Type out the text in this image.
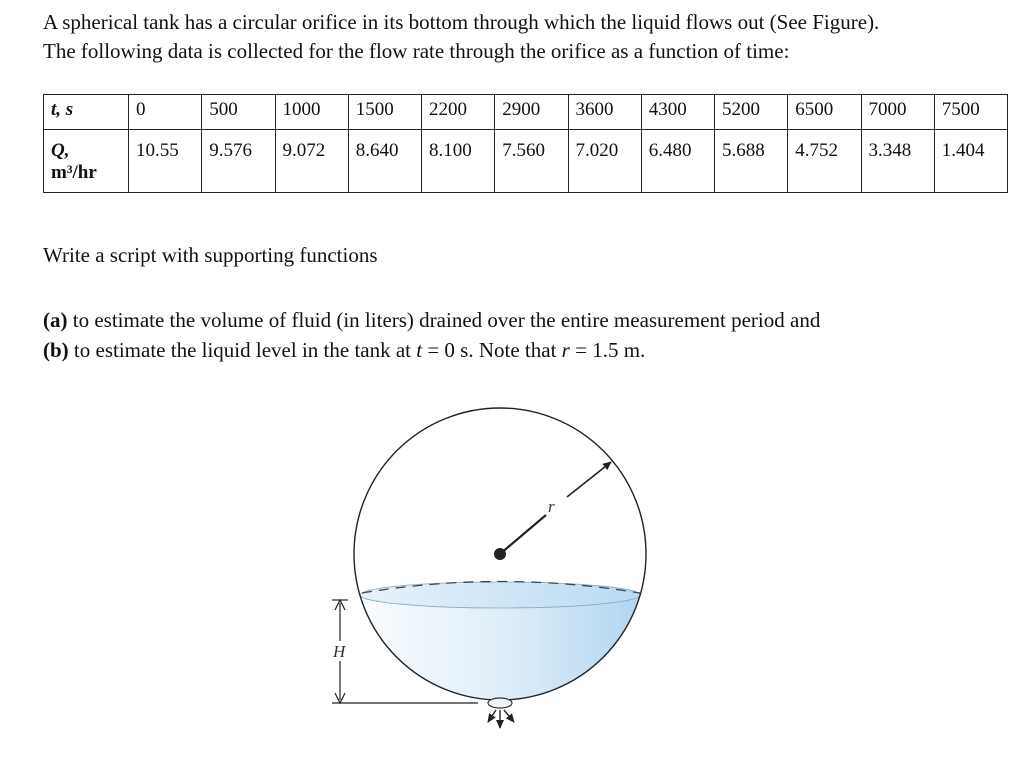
A spherical tank has a circular orifice in its bottom through which the liquid flows out (See Figure).

The following data is collected for the flow rate through the orifice as a function of time:

t, s	0	500	1000	1500	2200	2900	3600	4300	5200	6500	7000	7500
Q,
m³/hr	10.55	9.576	9.072	8.640	8.100	7.560	7.020	6.480	5.688	4.752	3.348	1.404

Write a script with supporting functions

(a) to estimate the volume of fluid (in liters) drained over the entire measurement period and

(b) to estimate the liquid level in the tank at t = 0 s. Note that r = 1.5 m.

r
H
